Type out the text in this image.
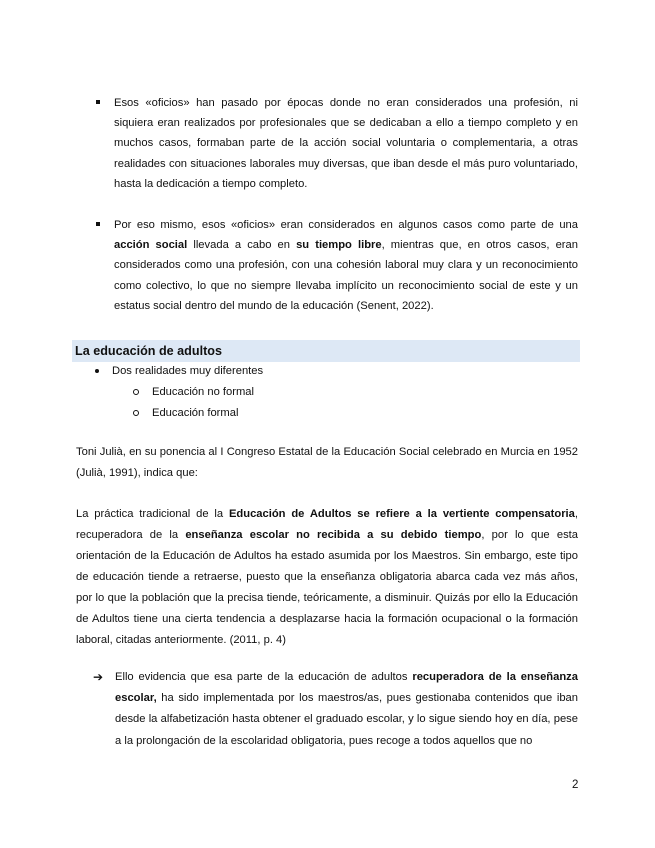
Esos «oficios» han pasado por épocas donde no eran considerados una profesión, ni siquiera eran realizados por profesionales que se dedicaban a ello a tiempo completo y en muchos casos, formaban parte de la acción social voluntaria o complementaria, a otras realidades con situaciones laborales muy diversas, que iban desde el más puro voluntariado, hasta la dedicación a tiempo completo.
Por eso mismo, esos «oficios» eran considerados en algunos casos como parte de una acción social llevada a cabo en su tiempo libre, mientras que, en otros casos, eran considerados como una profesión, con una cohesión laboral muy clara y un reconocimiento como colectivo, lo que no siempre llevaba implícito un reconocimiento social de este y un estatus social dentro del mundo de la educación (Senent, 2022).
La educación de adultos
Dos realidades muy diferentes
Educación no formal
Educación formal

Toni Julià, en su ponencia al I Congreso Estatal de la Educación Social celebrado en Murcia en 1952 (Julià, 1991), indica que:

La práctica tradicional de la Educación de Adultos se refiere a la vertiente compensatoria, recuperadora de la enseñanza escolar no recibida a su debido tiempo, por lo que esta orientación de la Educación de Adultos ha estado asumida por los Maestros. Sin embargo, este tipo de educación tiende a retraerse, puesto que la enseñanza obligatoria abarca cada vez más años, por lo que la población que la precisa tiende, teóricamente, a disminuir. Quizás por ello la Educación de Adultos tiene una cierta tendencia a desplazarse hacia la formación ocupacional o la formación laboral, citadas anteriormente. (2011, p. 4)

➔ Ello evidencia que esa parte de la educación de adultos recuperadora de la enseñanza escolar, ha sido implementada por los maestros/as, pues gestionaba contenidos que iban desde la alfabetización hasta obtener el graduado escolar, y lo sigue siendo hoy en día, pese a la prolongación de la escolaridad obligatoria, pues recoge a todos aquellos que no
2
